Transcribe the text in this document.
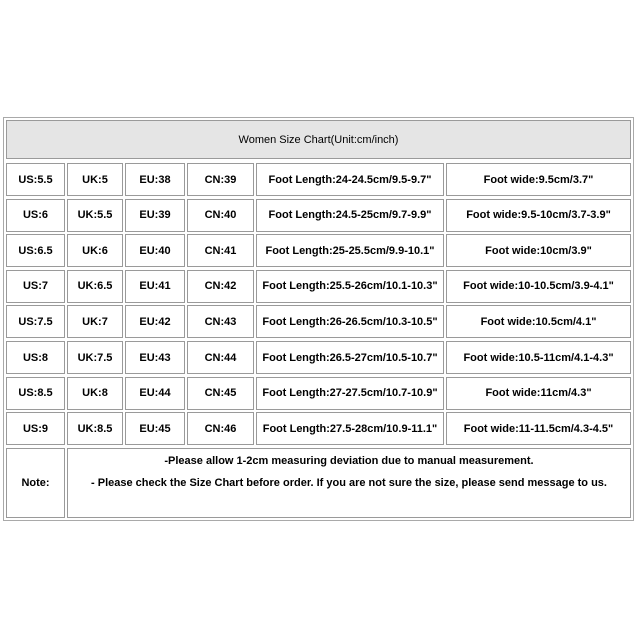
Women Size Chart(Unit:cm/inch)
US:5.5	UK:5	EU:38	CN:39	Foot Length:24-24.5cm/9.5-9.7"	Foot wide:9.5cm/3.7"
US:6	UK:5.5	EU:39	CN:40	Foot Length:24.5-25cm/9.7-9.9"	Foot wide:9.5-10cm/3.7-3.9"
US:6.5	UK:6	EU:40	CN:41	Foot Length:25-25.5cm/9.9-10.1"	Foot wide:10cm/3.9"
US:7	UK:6.5	EU:41	CN:42	Foot Length:25.5-26cm/10.1-10.3"	Foot wide:10-10.5cm/3.9-4.1"
US:7.5	UK:7	EU:42	CN:43	Foot Length:26-26.5cm/10.3-10.5"	Foot wide:10.5cm/4.1"
US:8	UK:7.5	EU:43	CN:44	Foot Length:26.5-27cm/10.5-10.7"	Foot wide:10.5-11cm/4.1-4.3"
US:8.5	UK:8	EU:44	CN:45	Foot Length:27-27.5cm/10.7-10.9"	Foot wide:11cm/4.3"
US:9	UK:8.5	EU:45	CN:46	Foot Length:27.5-28cm/10.9-11.1"	Foot wide:11-11.5cm/4.3-4.5"
Note:
-Please allow 1-2cm measuring deviation due to manual measurement.
- Please check the Size Chart before order. If you are not sure the size, please send message to us.
